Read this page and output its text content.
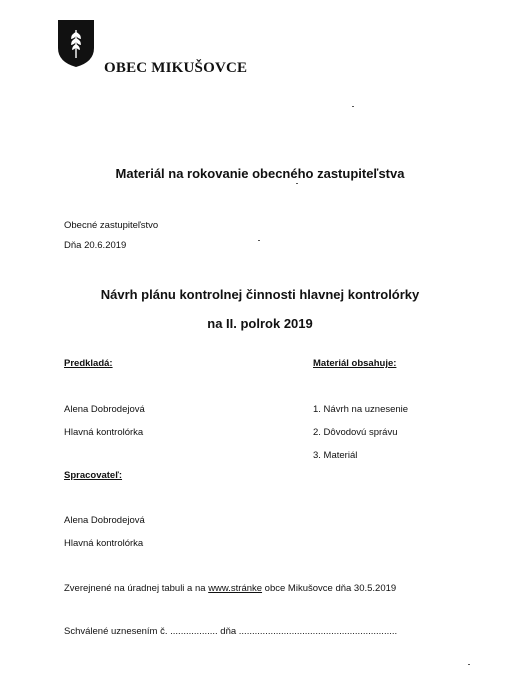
OBEC MIKUŠOVCE
Materiál na rokovanie obecného zastupiteľstva
Obecné zastupiteľstvo
Dňa 20.6.2019
Návrh plánu kontrolnej činnosti hlavnej kontrolórky
na II. polrok 2019
Predkladá:
Alena Dobrodejová
Hlavná kontrolórka
Materiál obsahuje:
1. Návrh na uznesenie
2. Dôvodovú správu
3. Materiál
Spracovateľ:
Alena Dobrodejová
Hlavná kontrolórka
Zverejnené na úradnej tabuli a na www.stránke obce Mikušovce dňa 30.5.2019
Schválené uznesením č. .................. dňa ............................................................
